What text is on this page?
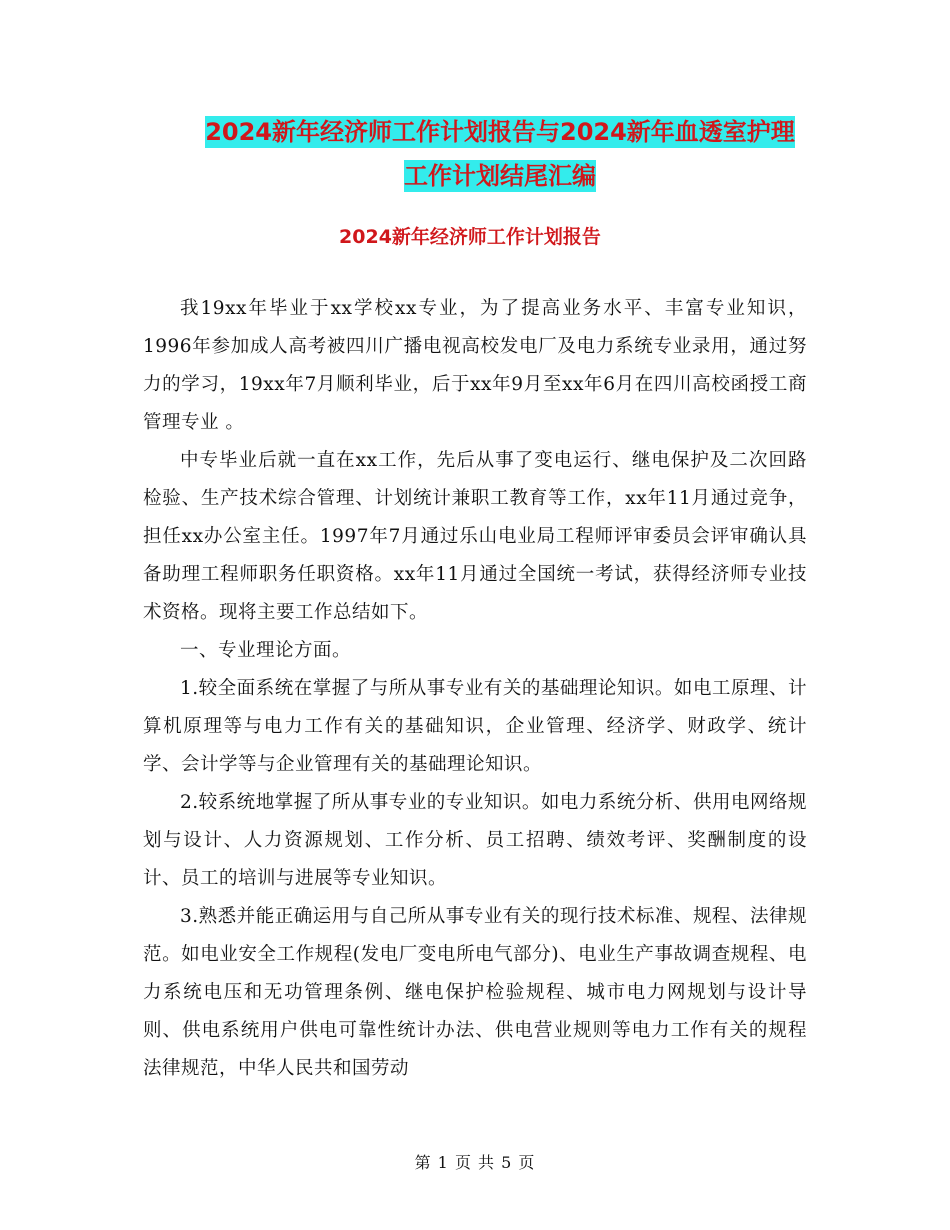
2024新年经济师工作计划报告与2024新年血透室护理
工作计划结尾汇编
2024新年经济师工作计划报告

我19xx年毕业于xx学校xx专业，为了提高业务水平、丰富专业知识，1996年参加成人高考被四川广播电视高校发电厂及电力系统专业录用，通过努力的学习，19xx年7月顺利毕业，后于xx年9月至xx年6月在四川高校函授工商管理专业 。

中专毕业后就一直在xx工作，先后从事了变电运行、继电保护及二次回路检验、生产技术综合管理、计划统计兼职工教育等工作，xx年11月通过竞争，担任xx办公室主任。1997年7月通过乐山电业局工程师评审委员会评审确认具备助理工程师职务任职资格。xx年11月通过全国统一考试，获得经济师专业技术资格。现将主要工作总结如下。

一、专业理论方面。

1.较全面系统在掌握了与所从事专业有关的基础理论知识。如电工原理、计算机原理等与电力工作有关的基础知识，企业管理、经济学、财政学、统计学、会计学等与企业管理有关的基础理论知识。

2.较系统地掌握了所从事专业的专业知识。如电力系统分析、供用电网络规划与设计、人力资源规划、工作分析、员工招聘、绩效考评、奖酬制度的设计、员工的培训与进展等专业知识。

3.熟悉并能正确运用与自己所从事专业有关的现行技术标准、规程、法律规范。如电业安全工作规程(发电厂变电所电气部分)、电业生产事故调查规程、电力系统电压和无功管理条例、继电保护检验规程、城市电力网规划与设计导则、供电系统用户供电可靠性统计办法、供电营业规则等电力工作有关的规程法律规范，中华人民共和国劳动

第 1 页 共 5 页
